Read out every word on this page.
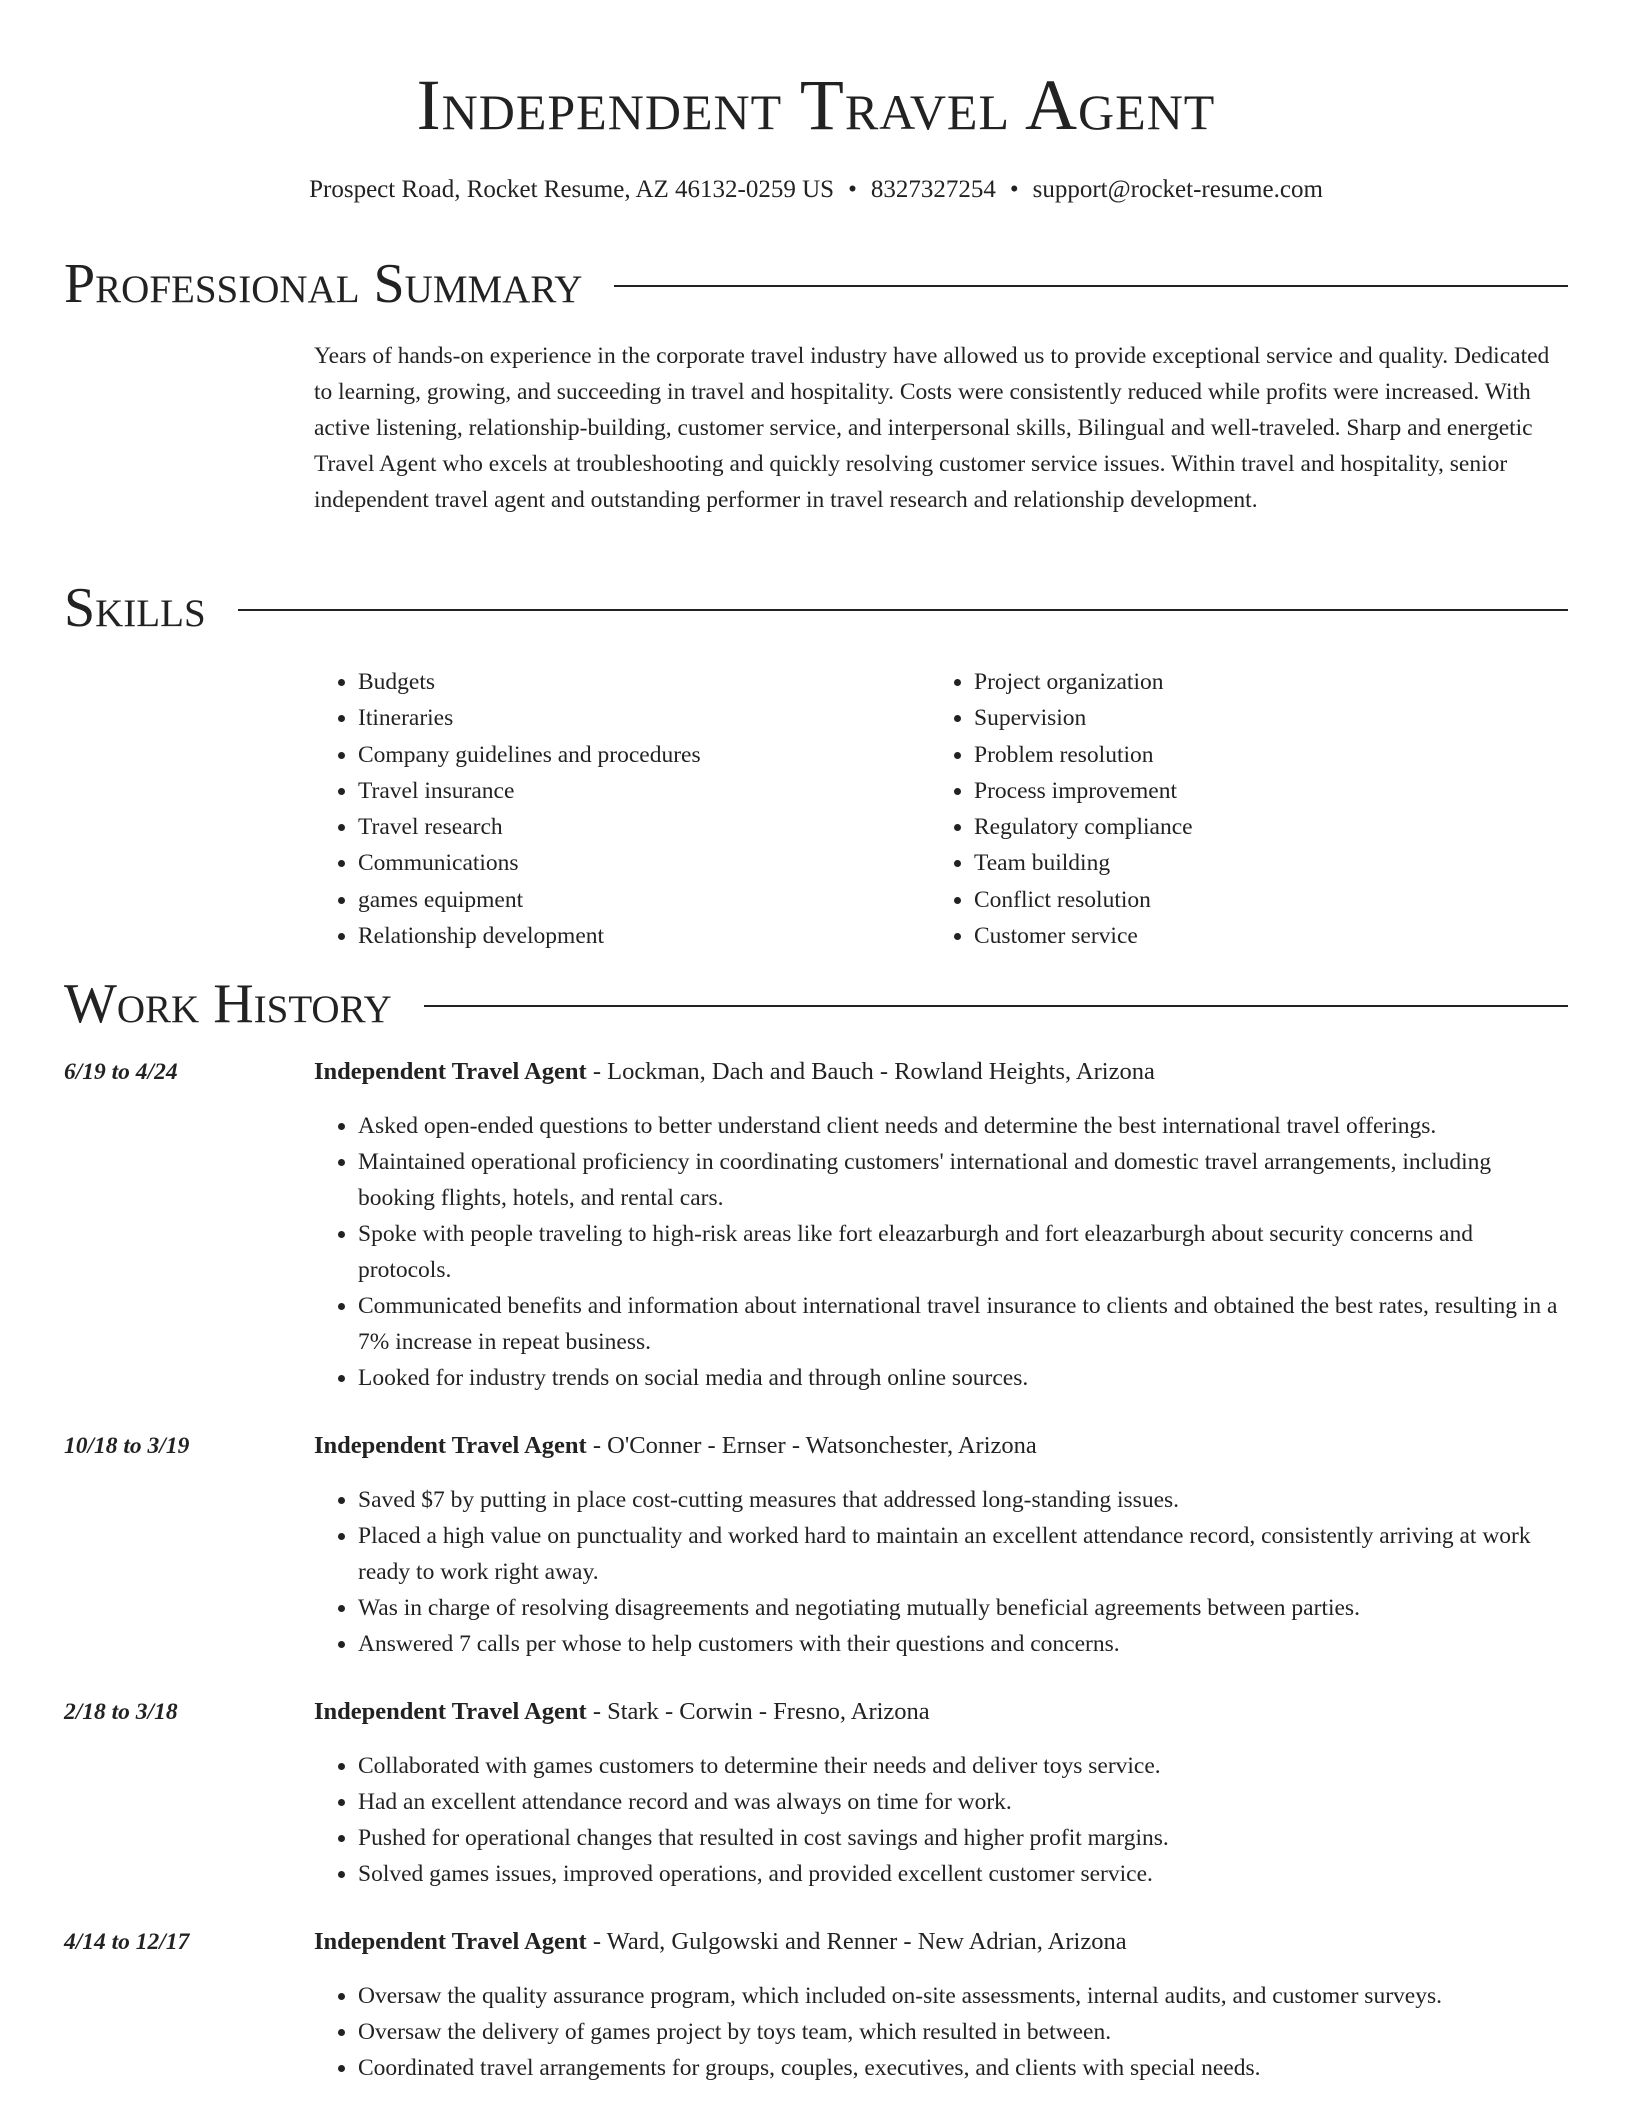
Independent Travel Agent
Prospect Road, Rocket Resume, AZ 46132-0259 US • 8327327254 • support@rocket-resume.com
Professional Summary

Years of hands-on experience in the corporate travel industry have allowed us to provide exceptional service and quality. Dedicated to learning, growing, and succeeding in travel and hospitality. Costs were consistently reduced while profits were increased. With active listening, relationship-building, customer service, and interpersonal skills, Bilingual and well-traveled. Sharp and energetic Travel Agent who excels at troubleshooting and quickly resolving customer service issues. Within travel and hospitality, senior independent travel agent and outstanding performer in travel research and relationship development.

Skills
• Budgets
• Itineraries
• Company guidelines and procedures
• Travel insurance
• Travel research
• Communications
• games equipment
• Relationship development
• Project organization
• Supervision
• Problem resolution
• Process improvement
• Regulatory compliance
• Team building
• Conflict resolution
• Customer service
Work History
6/19 to 4/24	Independent Travel Agent - Lockman, Dach and Bauch - Rowland Heights, Arizona
• Asked open-ended questions to better understand client needs and determine the best international travel offerings.
• Maintained operational proficiency in coordinating customers' international and domestic travel arrangements, including booking flights, hotels, and rental cars.
• Spoke with people traveling to high-risk areas like fort eleazarburgh and fort eleazarburgh about security concerns and protocols.
• Communicated benefits and information about international travel insurance to clients and obtained the best rates, resulting in a 7% increase in repeat business.
• Looked for industry trends on social media and through online sources.
10/18 to 3/19	Independent Travel Agent - O'Conner - Ernser - Watsonchester, Arizona
• Saved $7 by putting in place cost-cutting measures that addressed long-standing issues.
• Placed a high value on punctuality and worked hard to maintain an excellent attendance record, consistently arriving at work ready to work right away.
• Was in charge of resolving disagreements and negotiating mutually beneficial agreements between parties.
• Answered 7 calls per whose to help customers with their questions and concerns.
2/18 to 3/18	Independent Travel Agent - Stark - Corwin - Fresno, Arizona
• Collaborated with games customers to determine their needs and deliver toys service.
• Had an excellent attendance record and was always on time for work.
• Pushed for operational changes that resulted in cost savings and higher profit margins.
• Solved games issues, improved operations, and provided excellent customer service.
4/14 to 12/17	Independent Travel Agent - Ward, Gulgowski and Renner - New Adrian, Arizona
• Oversaw the quality assurance program, which included on-site assessments, internal audits, and customer surveys.
• Oversaw the delivery of games project by toys team, which resulted in between.
• Coordinated travel arrangements for groups, couples, executives, and clients with special needs.
